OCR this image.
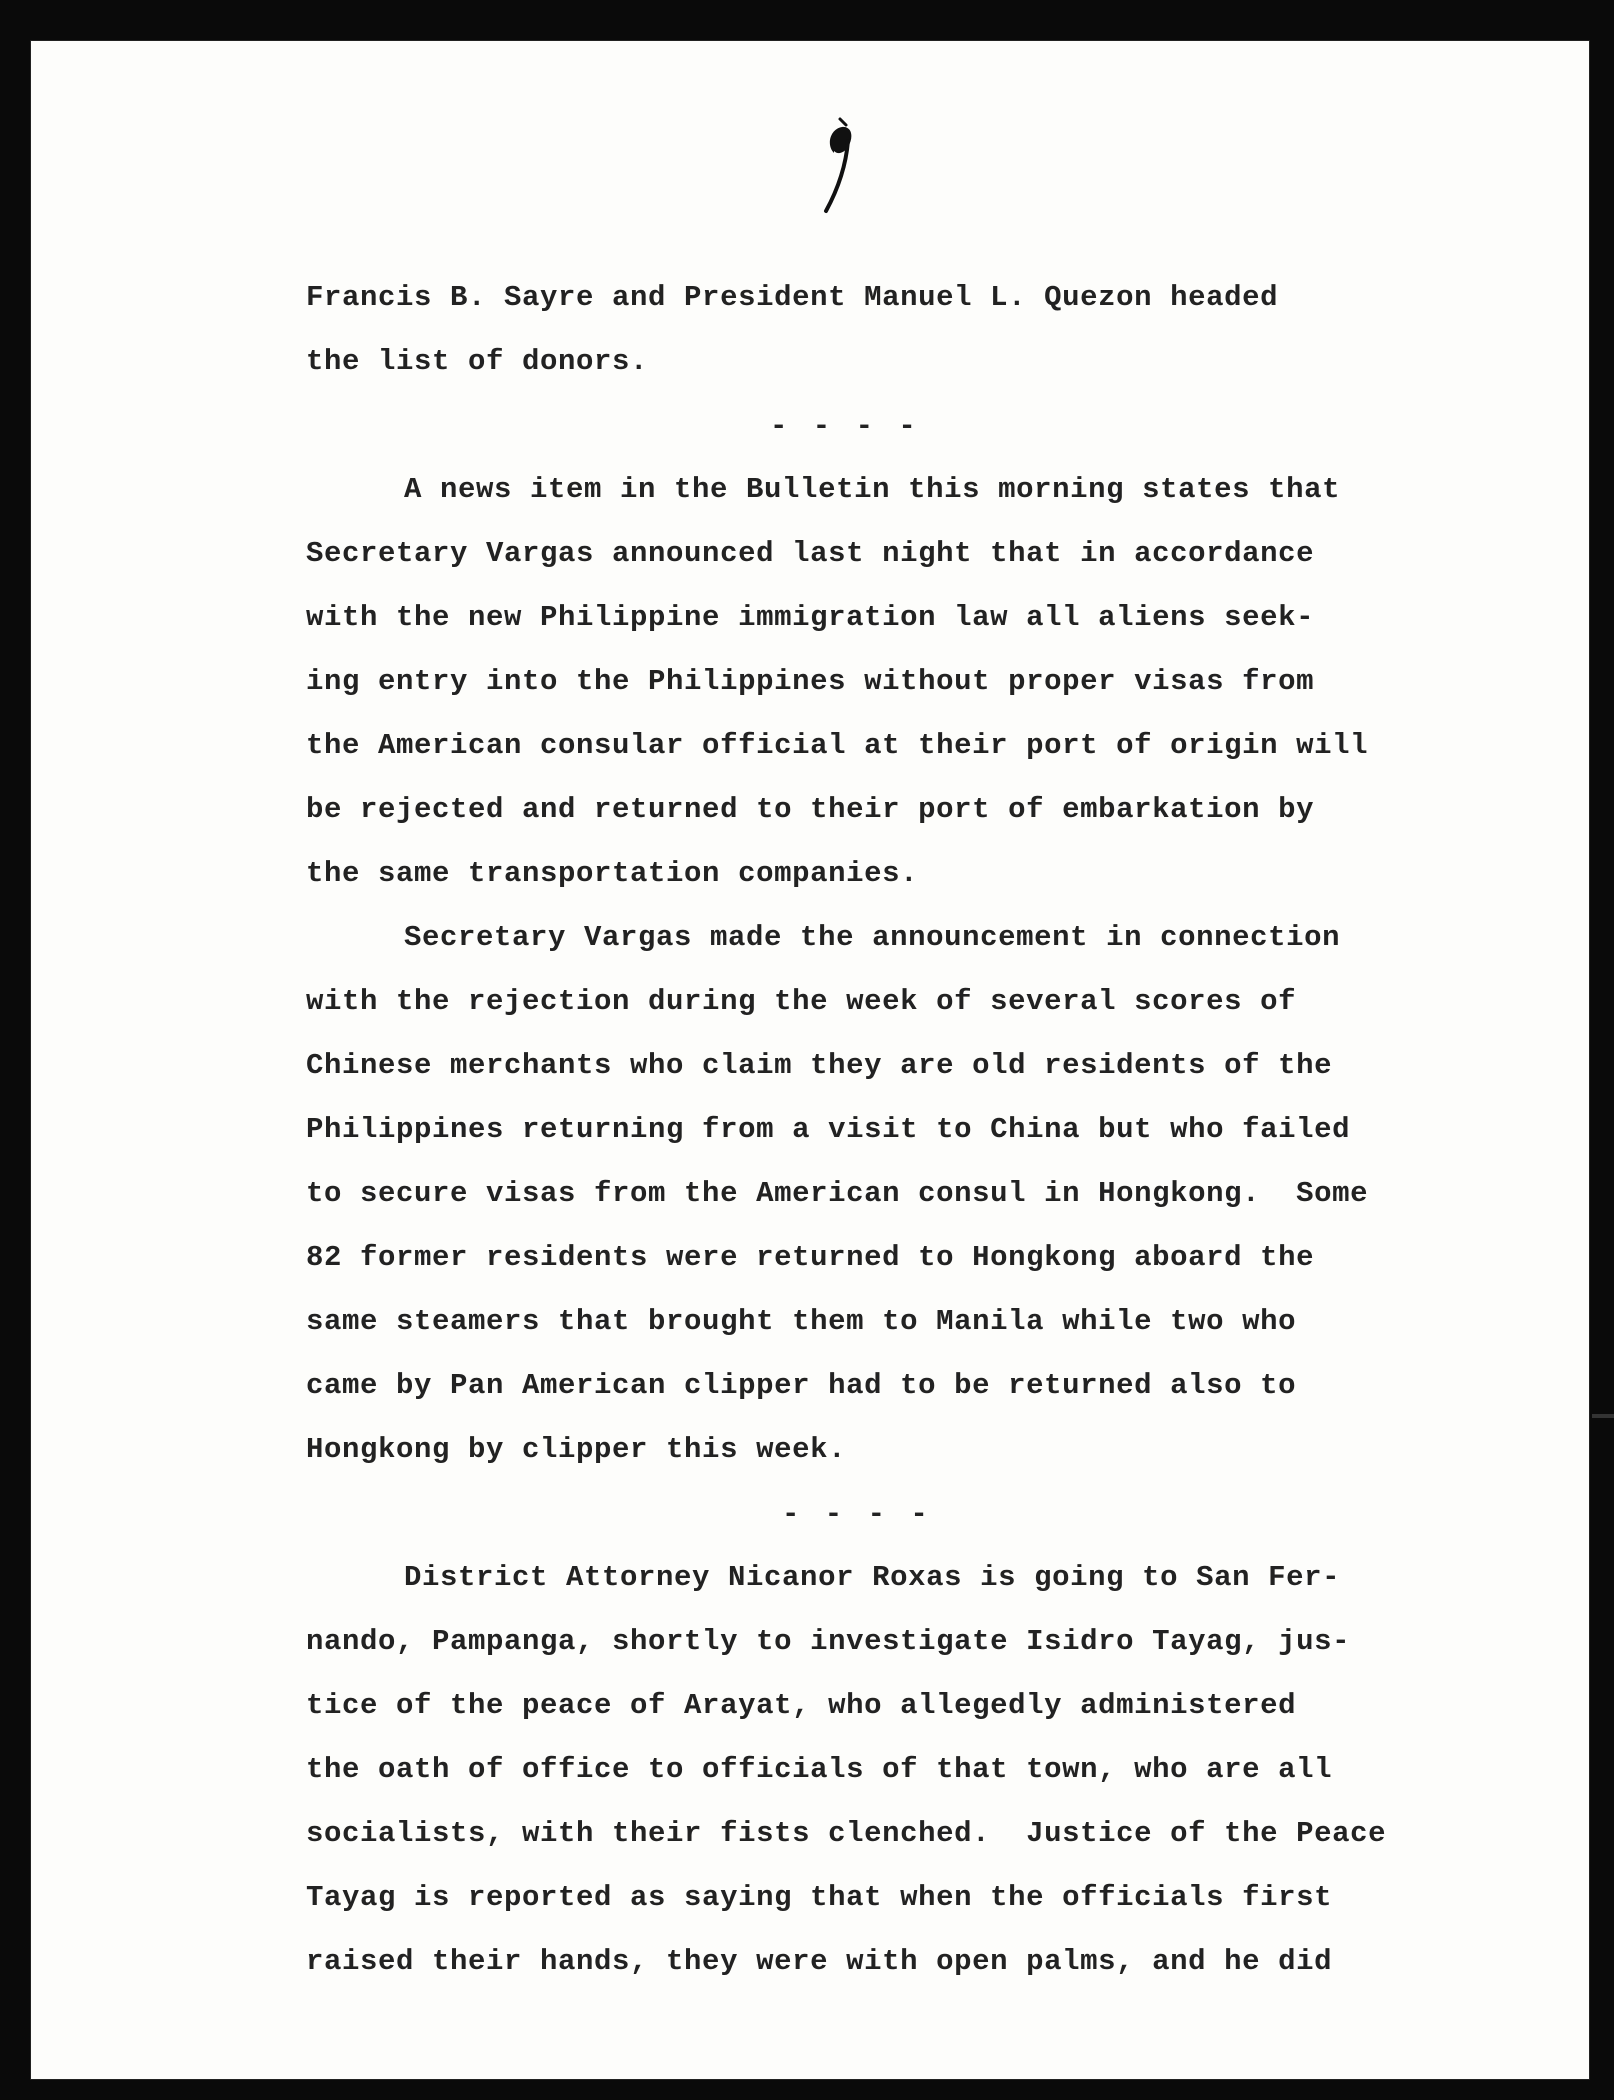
Francis B. Sayre and President Manuel L. Quezon headed
the list of donors.
- - - -
A news item in the Bulletin this morning states that
Secretary Vargas announced last night that in accordance
with the new Philippine immigration law all aliens seek-
ing entry into the Philippines without proper visas from
the American consular official at their port of origin will
be rejected and returned to their port of embarkation by
the same transportation companies.
Secretary Vargas made the announcement in connection
with the rejection during the week of several scores of
Chinese merchants who claim they are old residents of the
Philippines returning from a visit to China but who failed
to secure visas from the American consul in Hongkong.  Some
82 former residents were returned to Hongkong aboard the
same steamers that brought them to Manila while two who
came by Pan American clipper had to be returned also to
Hongkong by clipper this week.
- - - -
District Attorney Nicanor Roxas is going to San Fer-
nando, Pampanga, shortly to investigate Isidro Tayag, jus-
tice of the peace of Arayat, who allegedly administered
the oath of office to officials of that town, who are all
socialists, with their fists clenched.  Justice of the Peace
Tayag is reported as saying that when the officials first
raised their hands, they were with open palms, and he did
